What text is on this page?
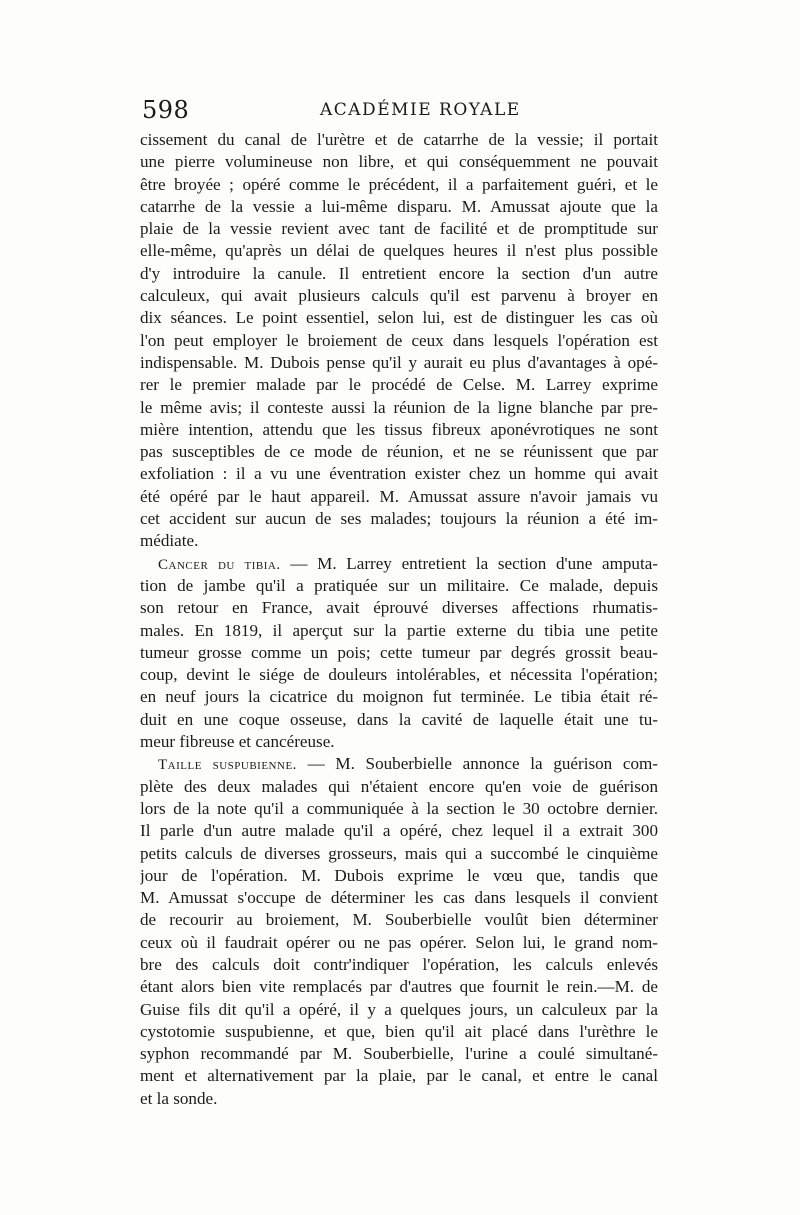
598	ACADÉMIE ROYALE
cissement du canal de l'urètre et de catarrhe de la vessie; il portait
une pierre volumineuse non libre, et qui conséquemment ne pouvait
être broyée ; opéré comme le précédent, il a parfaitement guéri, et le
catarrhe de la vessie a lui-même disparu. M. Amussat ajoute que la
plaie de la vessie revient avec tant de facilité et de promptitude sur
elle-même, qu'après un délai de quelques heures il n'est plus possible
d'y introduire la canule. Il entretient encore la section d'un autre
calculeux, qui avait plusieurs calculs qu'il est parvenu à broyer en
dix séances. Le point essentiel, selon lui, est de distinguer les cas où
l'on peut employer le broiement de ceux dans lesquels l'opération est
indispensable. M. Dubois pense qu'il y aurait eu plus d'avantages à opé-
rer le premier malade par le procédé de Celse. M. Larrey exprime
le même avis; il conteste aussi la réunion de la ligne blanche par pre-
mière intention, attendu que les tissus fibreux aponévrotiques ne sont
pas susceptibles de ce mode de réunion, et ne se réunissent que par
exfoliation : il a vu une éventration exister chez un homme qui avait
été opéré par le haut appareil. M. Amussat assure n'avoir jamais vu
cet accident sur aucun de ses malades; toujours la réunion a été im-
médiate.
Cancer du tibia. — M. Larrey entretient la section d'une amputa-
tion de jambe qu'il a pratiquée sur un militaire. Ce malade, depuis
son retour en France, avait éprouvé diverses affections rhumatis-
males. En 1819, il aperçut sur la partie externe du tibia une petite
tumeur grosse comme un pois; cette tumeur par degrés grossit beau-
coup, devint le siége de douleurs intolérables, et nécessita l'opération;
en neuf jours la cicatrice du moignon fut terminée. Le tibia était ré-
duit en une coque osseuse, dans la cavité de laquelle était une tu-
meur fibreuse et cancéreuse.
Taille suspubienne. — M. Souberbielle annonce la guérison com-
plète des deux malades qui n'étaient encore qu'en voie de guérison
lors de la note qu'il a communiquée à la section le 30 octobre dernier.
Il parle d'un autre malade qu'il a opéré, chez lequel il a extrait 300
petits calculs de diverses grosseurs, mais qui a succombé le cinquième
jour de l'opération. M. Dubois exprime le vœu que, tandis que
M. Amussat s'occupe de déterminer les cas dans lesquels il convient
de recourir au broiement, M. Souberbielle voulût bien déterminer
ceux où il faudrait opérer ou ne pas opérer. Selon lui, le grand nom-
bre des calculs doit contr'indiquer l'opération, les calculs enlevés
étant alors bien vite remplacés par d'autres que fournit le rein.—M. de
Guise fils dit qu'il a opéré, il y a quelques jours, un calculeux par la
cystotomie suspubienne, et que, bien qu'il ait placé dans l'urèthre le
syphon recommandé par M. Souberbielle, l'urine a coulé simultané-
ment et alternativement par la plaie, par le canal, et entre le canal
et la sonde.
